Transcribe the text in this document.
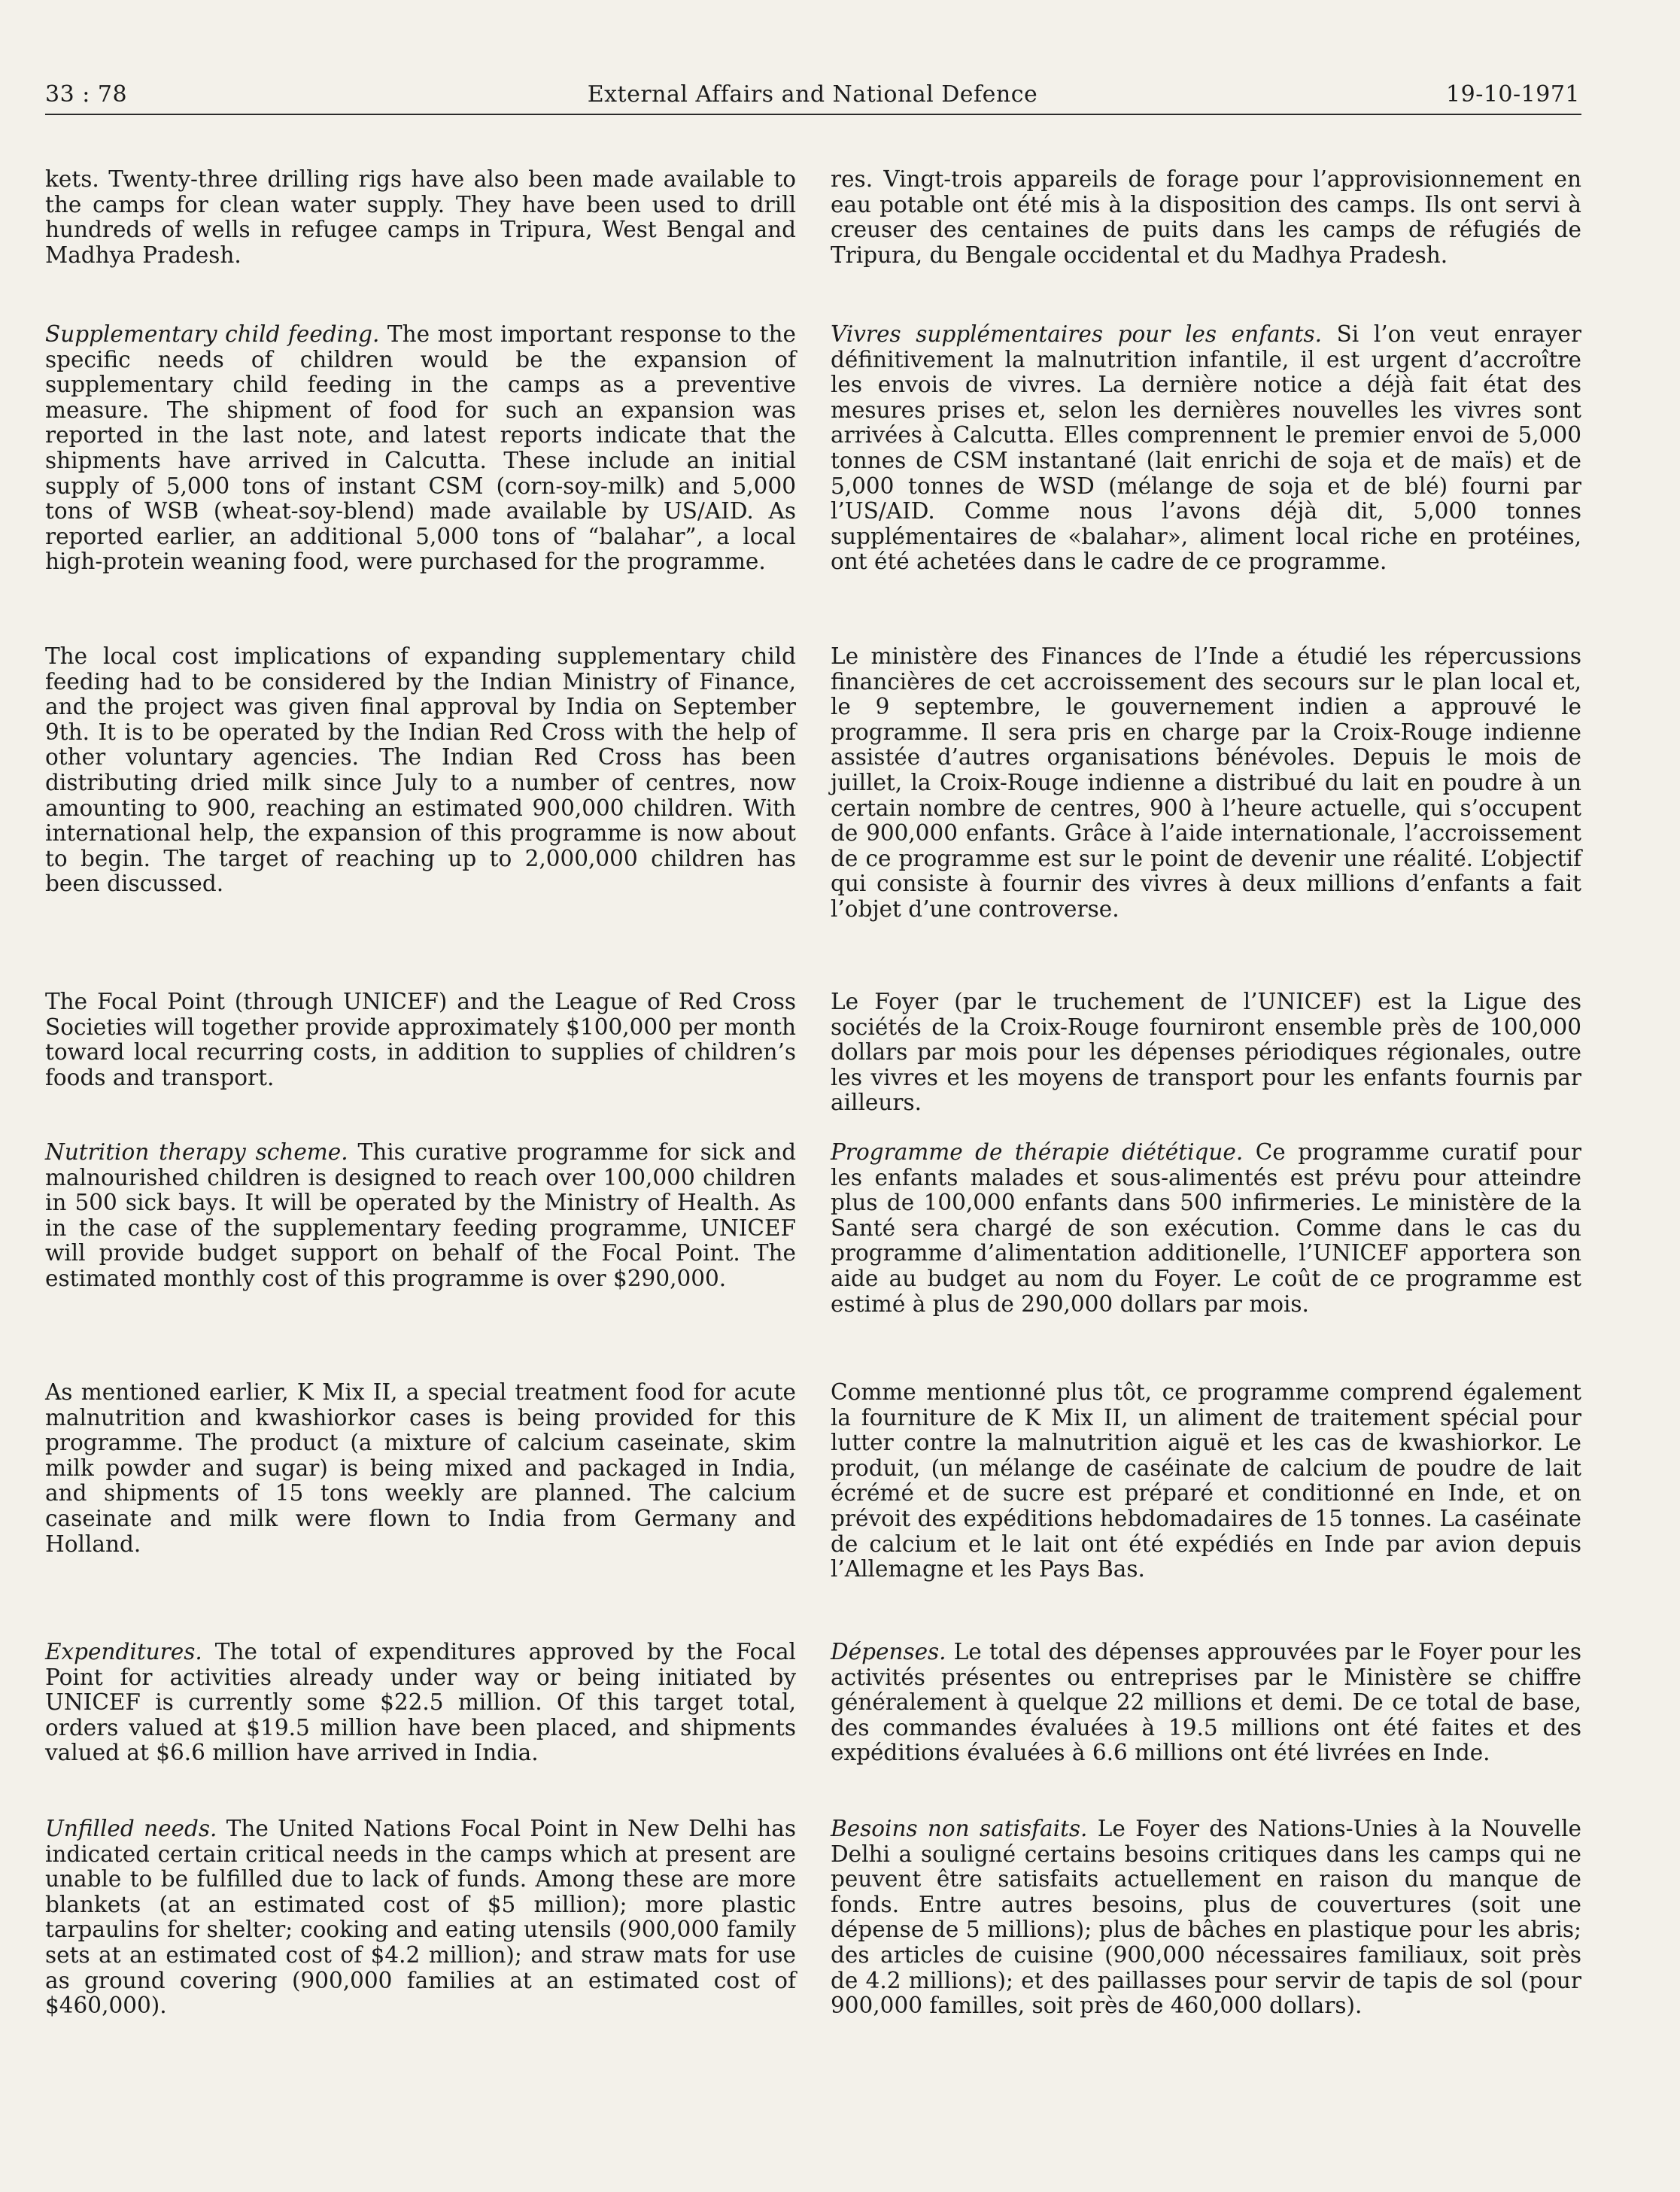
33 : 78	External Affairs and National Defence	19-10-1971

kets. Twenty-three drilling rigs have also been made available to the camps for clean water supply. They have been used to drill hundreds of wells in refugee camps in Tripura, West Bengal and Madhya Pradesh.

Supplementary child feeding. The most important response to the specific needs of children would be the expansion of supplementary child feeding in the camps as a preventive measure. The shipment of food for such an expansion was reported in the last note, and latest reports indicate that the shipments have arrived in Calcutta. These include an initial supply of 5,000 tons of instant CSM (corn-soy-milk) and 5,000 tons of WSB (wheat-soy-blend) made available by US/AID. As reported earlier, an additional 5,000 tons of “balahar”, a local high-protein weaning food, were purchased for the programme.

The local cost implications of expanding supplementary child feeding had to be considered by the Indian Ministry of Finance, and the project was given final approval by India on September 9th. It is to be operated by the Indian Red Cross with the help of other voluntary agencies. The Indian Red Cross has been distributing dried milk since July to a number of centres, now amounting to 900, reaching an estimated 900,000 children. With international help, the expansion of this programme is now about to begin. The target of reaching up to 2,000,000 children has been discussed.

The Focal Point (through UNICEF) and the League of Red Cross Societies will together provide approximately $100,000 per month toward local recurring costs, in addition to supplies of children’s foods and transport.

Nutrition therapy scheme. This curative programme for sick and malnourished children is designed to reach over 100,000 children in 500 sick bays. It will be operated by the Ministry of Health. As in the case of the supplementary feeding programme, UNICEF will provide budget support on behalf of the Focal Point. The estimated monthly cost of this programme is over $290,000.

As mentioned earlier, K Mix II, a special treatment food for acute malnutrition and kwashiorkor cases is being provided for this programme. The product (a mixture of calcium caseinate, skim milk powder and sugar) is being mixed and packaged in India, and shipments of 15 tons weekly are planned. The calcium caseinate and milk were flown to India from Germany and Holland.

Expenditures. The total of expenditures approved by the Focal Point for activities already under way or being initiated by UNICEF is currently some $22.5 million. Of this target total, orders valued at $19.5 million have been placed, and shipments valued at $6.6 million have arrived in India.

Unfilled needs. The United Nations Focal Point in New Delhi has indicated certain critical needs in the camps which at present are unable to be fulfilled due to lack of funds. Among these are more blankets (at an estimated cost of $5 million); more plastic tarpaulins for shelter; cooking and eating utensils (900,000 family sets at an estimated cost of $4.2 million); and straw mats for use as ground covering (900,000 families at an estimated cost of $460,000).

res. Vingt-trois appareils de forage pour l’approvisionnement en eau potable ont été mis à la disposition des camps. Ils ont servi à creuser des centaines de puits dans les camps de réfugiés de Tripura, du Bengale occidental et du Madhya Pradesh.

Vivres supplémentaires pour les enfants. Si l’on veut enrayer définitivement la malnutrition infantile, il est urgent d’accroître les envois de vivres. La dernière notice a déjà fait état des mesures prises et, selon les dernières nouvelles les vivres sont arrivées à Calcutta. Elles comprennent le premier envoi de 5,000 tonnes de CSM instantané (lait enrichi de soja et de maïs) et de 5,000 tonnes de WSD (mélange de soja et de blé) fourni par l’US/AID. Comme nous l’avons déjà dit, 5,000 tonnes supplémentaires de «balahar», aliment local riche en protéines, ont été achetées dans le cadre de ce programme.

Le ministère des Finances de l’Inde a étudié les répercussions financières de cet accroissement des secours sur le plan local et, le 9 septembre, le gouvernement indien a approuvé le programme. Il sera pris en charge par la Croix-Rouge indienne assistée d’autres organisations bénévoles. Depuis le mois de juillet, la Croix-Rouge indienne a distribué du lait en poudre à un certain nombre de centres, 900 à l’heure actuelle, qui s’occupent de 900,000 enfants. Grâce à l’aide internationale, l’accroissement de ce programme est sur le point de devenir une réalité. L’objectif qui consiste à fournir des vivres à deux millions d’enfants a fait l’objet d’une controverse.

Le Foyer (par le truchement de l’UNICEF) est la Ligue des sociétés de la Croix-Rouge fourniront ensemble près de 100,000 dollars par mois pour les dépenses périodiques régionales, outre les vivres et les moyens de transport pour les enfants fournis par ailleurs.

Programme de thérapie diététique. Ce programme curatif pour les enfants malades et sous-alimentés est prévu pour atteindre plus de 100,000 enfants dans 500 infirmeries. Le ministère de la Santé sera chargé de son exécution. Comme dans le cas du programme d’alimentation additionelle, l’UNICEF apportera son aide au budget au nom du Foyer. Le coût de ce programme est estimé à plus de 290,000 dollars par mois.

Comme mentionné plus tôt, ce programme comprend également la fourniture de K Mix II, un aliment de traitement spécial pour lutter contre la malnutrition aiguë et les cas de kwashiorkor. Le produit, (un mélange de caséinate de calcium de poudre de lait écrémé et de sucre est préparé et conditionné en Inde, et on prévoit des expéditions hebdomadaires de 15 tonnes. La caséinate de calcium et le lait ont été expédiés en Inde par avion depuis l’Allemagne et les Pays Bas.

Dépenses. Le total des dépenses approuvées par le Foyer pour les activités présentes ou entreprises par le Ministère se chiffre généralement à quelque 22 millions et demi. De ce total de base, des commandes évaluées à 19.5 millions ont été faites et des expéditions évaluées à 6.6 millions ont été livrées en Inde.

Besoins non satisfaits. Le Foyer des Nations-Unies à la Nouvelle Delhi a souligné certains besoins critiques dans les camps qui ne peuvent être satisfaits actuellement en raison du manque de fonds. Entre autres besoins, plus de couvertures (soit une dépense de 5 millions); plus de bâches en plastique pour les abris; des articles de cuisine (900,000 nécessaires familiaux, soit près de 4.2 millions); et des paillasses pour servir de tapis de sol (pour 900,000 familles, soit près de 460,000 dollars).
